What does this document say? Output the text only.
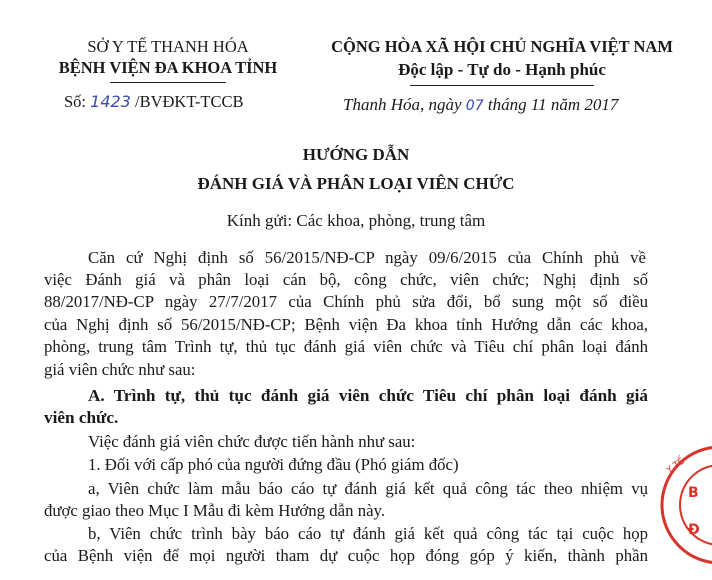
SỞ Y TẾ THANH HÓA
BỆNH VIỆN ĐA KHOA TỈNH
Số: 1423 /BVĐKT-TCCB
CỘNG HÒA XÃ HỘI CHỦ NGHĨA VIỆT NAM
Độc lập - Tự do - Hạnh phúc
Thanh Hóa, ngày 07 tháng 11 năm 2017
HƯỚNG DẪN
ĐÁNH GIÁ VÀ PHÂN LOẠI VIÊN CHỨC
Kính gửi: Các khoa, phòng, trung tâm
Căn cứ Nghị định số 56/2015/NĐ-CP ngày 09/6/2015 của Chính phủ về
việc Đánh giá và phân loại cán bộ, công chức, viên chức; Nghị định số
88/2017/NĐ-CP ngày 27/7/2017 của Chính phủ sửa đổi, bổ sung một số điều
của Nghị định số 56/2015/NĐ-CP; Bệnh viện Đa khoa tỉnh Hướng dẫn các khoa,
phòng, trung tâm Trình tự, thủ tục đánh giá viên chức và Tiêu chí phân loại đánh
giá viên chức như sau:
A. Trình tự, thủ tục đánh giá viên chức Tiêu chí phân loại đánh giá
viên chức.
Việc đánh giá viên chức được tiến hành như sau:
1. Đối với cấp phó của người đứng đầu (Phó giám đốc)
a, Viên chức làm mẫu báo cáo tự đánh giá kết quả công tác theo nhiệm vụ
được giao theo Mục I Mẫu đi kèm Hướng dẫn này.
b, Viên chức trình bày báo cáo tự đánh giá kết quả công tác tại cuộc họp
của Bệnh viện để mọi người tham dự cuộc họp đóng góp ý kiến, thành phần
B
Đ
Y TẾ
